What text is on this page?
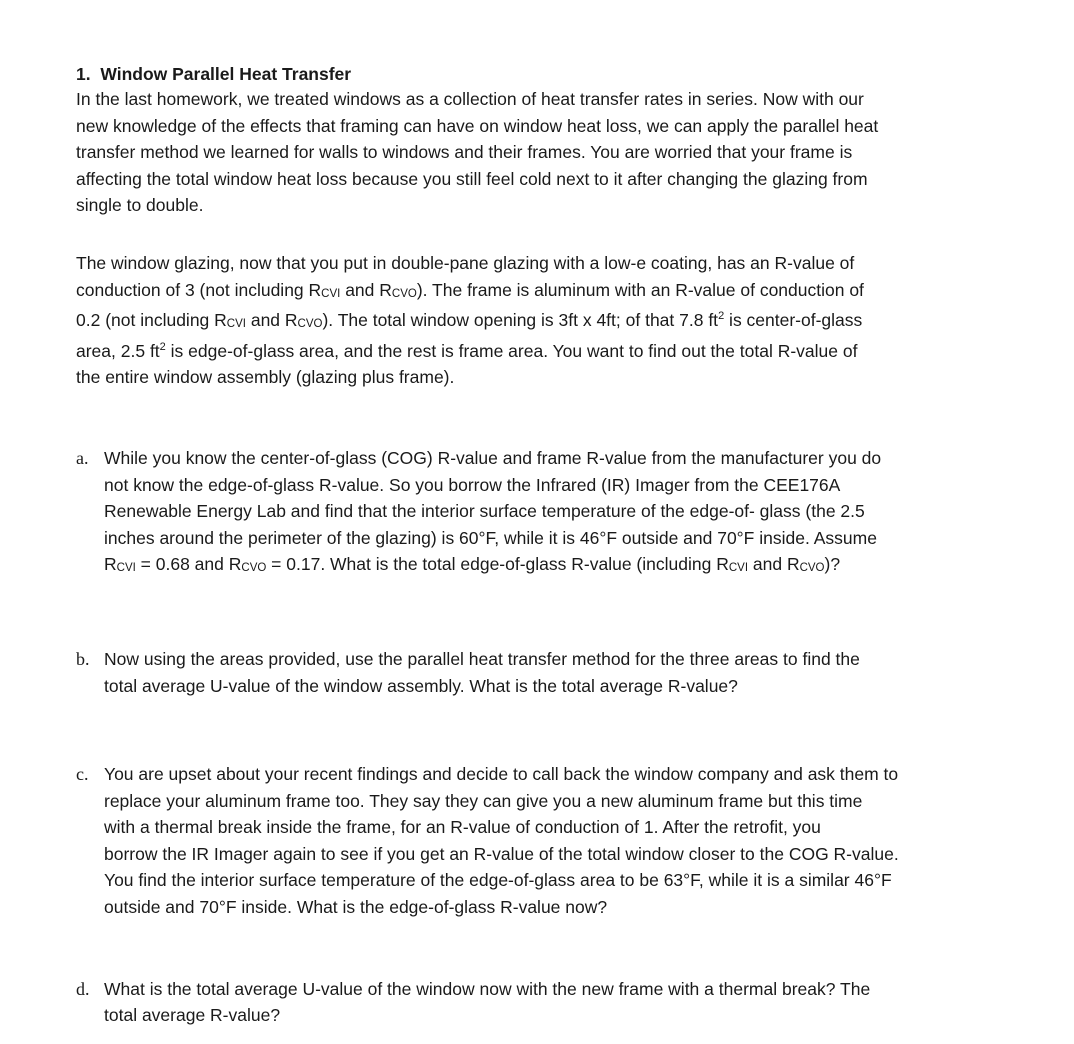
1. Window Parallel Heat Transfer

In the last homework, we treated windows as a collection of heat transfer rates in series. Now with our
new knowledge of the effects that framing can have on window heat loss, we can apply the parallel heat
transfer method we learned for walls to windows and their frames. You are worried that your frame is
affecting the total window heat loss because you still feel cold next to it after changing the glazing from
single to double.
The window glazing, now that you put in double-pane glazing with a low-e coating, has an R-value of
conduction of 3 (not including $R_{CVI}$ and $R_{CVO}$). The frame is aluminum with an R-value of conduction of
0.2 (not including $R_{CVI}$ and $R_{CVO}$). The total window opening is 3ft x 4ft; of that 7.8 $ft^2$ is center-of-glass
area, 2.5 $ft^2$ is edge-of-glass area, and the rest is frame area. You want to find out the total R-value of
the entire window assembly (glazing plus frame).
a. While you know the center-of-glass (COG) R-value and frame R-value from the manufacturer you do
not know the edge-of-glass R-value. So you borrow the Infrared (IR) Imager from the CEE176A
Renewable Energy Lab and find that the interior surface temperature of the edge-of- glass (the 2.5
inches around the perimeter of the glazing) is 60°F, while it is 46°F outside and 70°F inside. Assume
$R_{CVI} = 0.68$ and $R_{CVO} = 0.17$. What is the total edge-of-glass R-value (including $R_{CVI}$ and $R_{CVO}$)?
b. Now using the areas provided, use the parallel heat transfer method for the three areas to find the
total average U-value of the window assembly. What is the total average R-value?
c. You are upset about your recent findings and decide to call back the window company and ask them to
replace your aluminum frame too. They say they can give you a new aluminum frame but this time
with a thermal break inside the frame, for an R-value of conduction of 1. After the retrofit, you
borrow the IR Imager again to see if you get an R-value of the total window closer to the COG R-value.
You find the interior surface temperature of the edge-of-glass area to be 63°F, while it is a similar 46°F
outside and 70°F inside. What is the edge-of-glass R-value now?
d. What is the total average U-value of the window now with the new frame with a thermal break? The
total average R-value?
